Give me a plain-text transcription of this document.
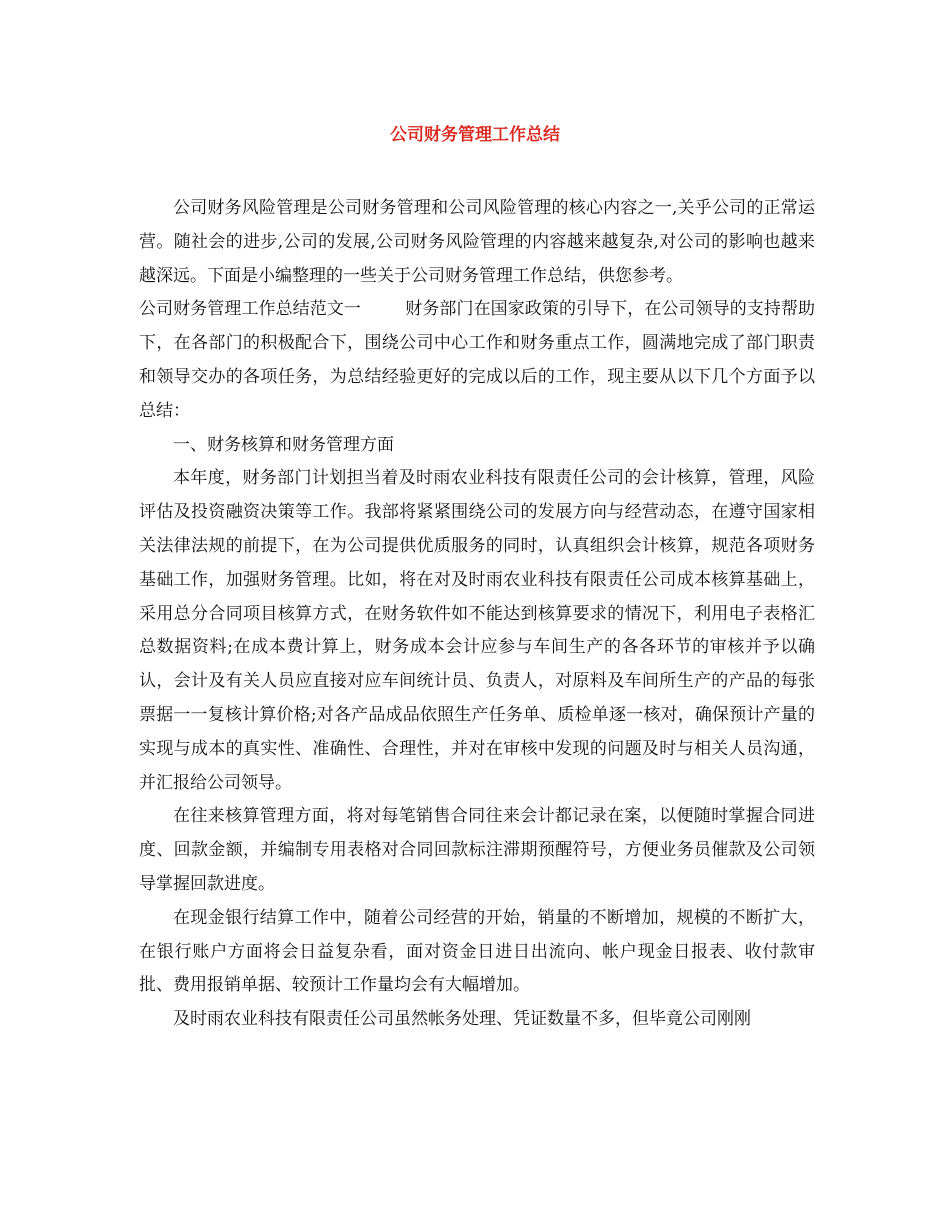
公司财务管理工作总结

公司财务风险管理是公司财务管理和公司风险管理的核心内容之一,关乎公司的正常运营。随社会的进步,公司的发展,公司财务风险管理的内容越来越复杂,对公司的影响也越来越深远。下面是小编整理的一些关于公司财务管理工作总结，供您参考。

公司财务管理工作总结范文一	财务部门在国家政策的引导下，在公司领导的支持帮助下，在各部门的积极配合下，围绕公司中心工作和财务重点工作，圆满地完成了部门职责和领导交办的各项任务，为总结经验更好的完成以后的工作，现主要从以下几个方面予以总结：

一、财务核算和财务管理方面

本年度，财务部门计划担当着及时雨农业科技有限责任公司的会计核算，管理，风险评估及投资融资决策等工作。我部将紧紧围绕公司的发展方向与经营动态，在遵守国家相关法律法规的前提下，在为公司提供优质服务的同时，认真组织会计核算，规范各项财务基础工作，加强财务管理。比如，将在对及时雨农业科技有限责任公司成本核算基础上，采用总分合同项目核算方式，在财务软件如不能达到核算要求的情况下，利用电子表格汇总数据资料;在成本费计算上，财务成本会计应参与车间生产的各各环节的审核并予以确认，会计及有关人员应直接对应车间统计员、负责人，对原料及车间所生产的产品的每张票据一一复核计算价格;对各产品成品依照生产任务单、质检单逐一核对，确保预计产量的实现与成本的真实性、准确性、合理性，并对在审核中发现的问题及时与相关人员沟通，并汇报给公司领导。

在往来核算管理方面，将对每笔销售合同往来会计都记录在案，以便随时掌握合同进度、回款金额，并编制专用表格对合同回款标注滞期预醒符号，方便业务员催款及公司领导掌握回款进度。

在现金银行结算工作中，随着公司经营的开始，销量的不断增加，规模的不断扩大，在银行账户方面将会日益复杂看，面对资金日进日出流向、帐户现金日报表、收付款审批、费用报销单据、较预计工作量均会有大幅增加。

及时雨农业科技有限责任公司虽然帐务处理、凭证数量不多，但毕竟公司刚刚
